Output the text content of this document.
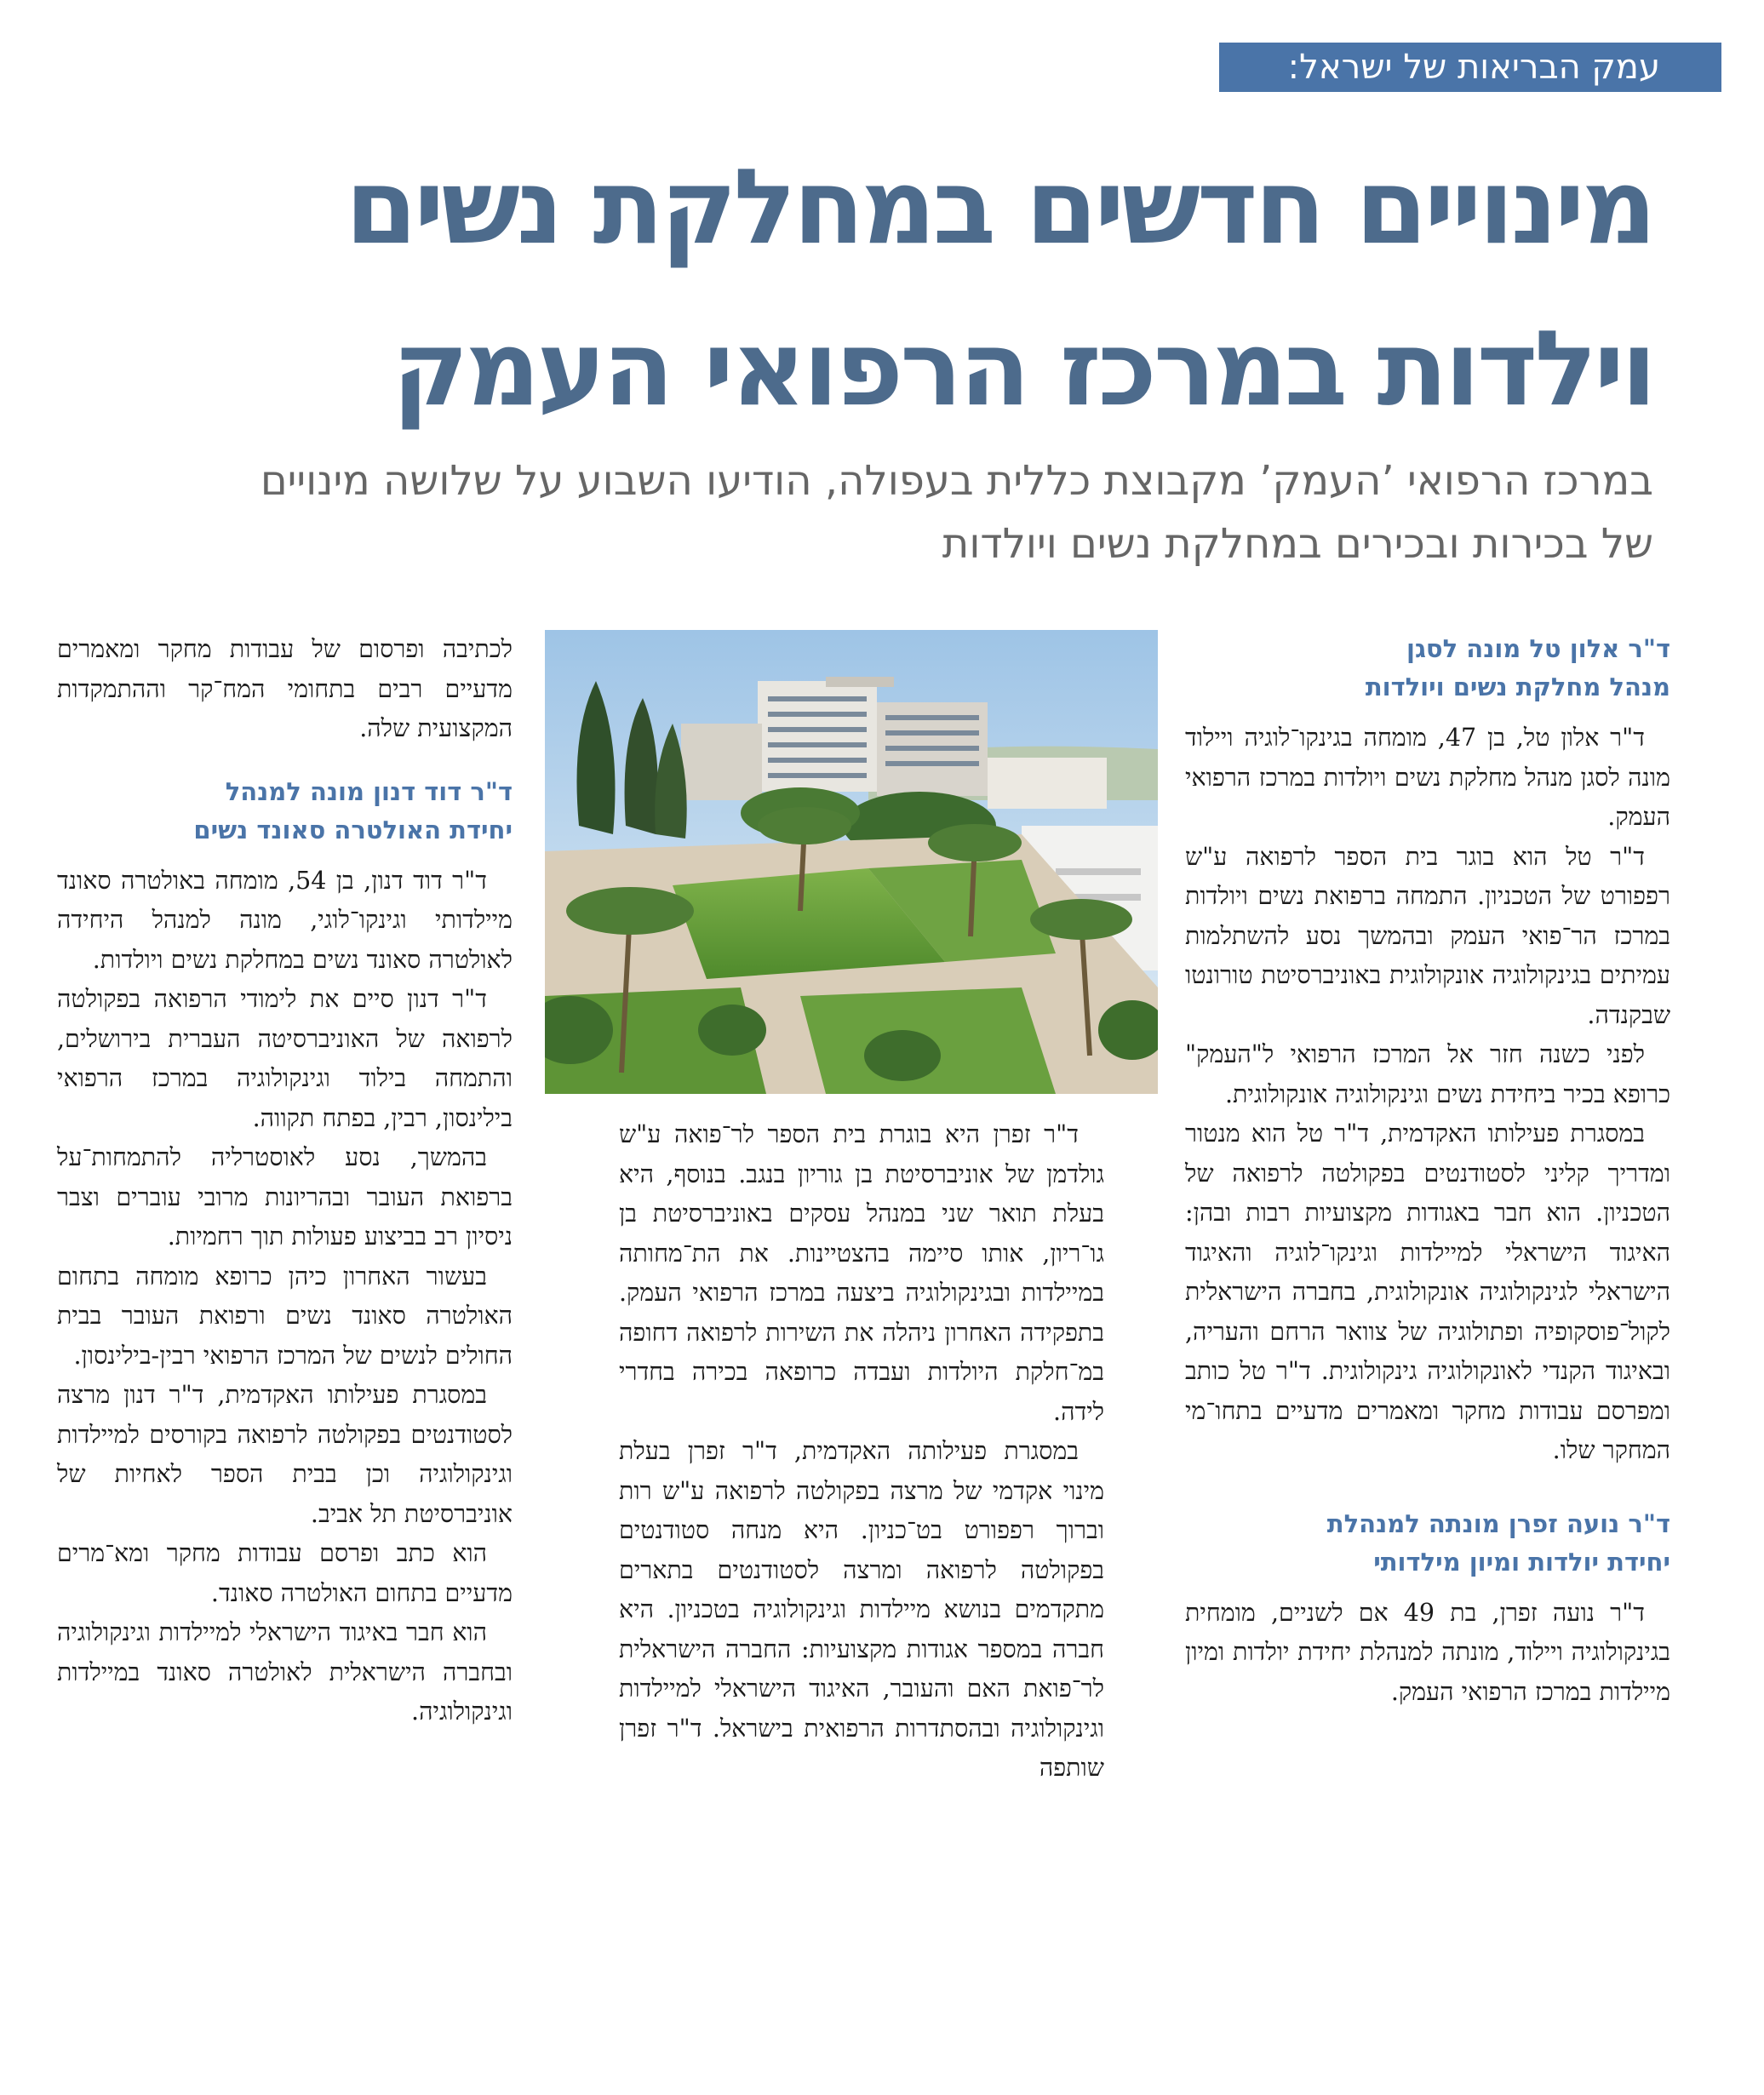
עמק הבריאות של ישראל:
מינויים חדשים במחלקת נשים
וילדות במרכז הרפואי העמק

במרכז הרפואי ’העמק’ מקבוצת כללית בעפולה, הודיעו השבוע על שלושה מינויים
של בכירות ובכירים במחלקת נשים ויולדות

ד"ר אלון טל מונה לסגן
מנהל מחלקת נשים ויולדות

ד"ר אלון טל, בן 47, מומחה בגינקו־לוגיה ויילוד מונה לסגן מנהל מחלקת נשים ויולדות במרכז הרפואי העמק.

ד"ר טל הוא בוגר בית הספר לרפואה ע"ש רפפורט של הטכניון. התמחה ברפואת נשים ויולדות במרכז הר־פואי העמק ובהמשך נסע להשתלמות עמיתים בגינקולוגיה אונקולוגית באוניברסיטת טורונטו שבקנדה.

לפני כשנה חזר אל המרכז הרפואי ל"העמק" כרופא בכיר ביחידת נשים וגינקולוגיה אונקולוגית.

במסגרת פעילותו האקדמית, ד"ר טל הוא מנטור ומדריך קליני לסטודנטים בפקולטה לרפואה של הטכניון. הוא חבר באגודות מקצועיות רבות ובהן: האיגוד הישראלי למיילדות וגינקו־לוגיה והאיגוד הישראלי לגינקולוגיה אונקולוגית, בחברה הישראלית לקול־פוסקופיה ופתולוגיה של צוואר הרחם והעריה, ובאיגוד הקנדי לאונקולוגיה גינקולוגית. ד"ר טל כותב ומפרסם עבודות מחקר ומאמרים מדעיים בתחו־מי המחקר שלו.

ד"ר נועה זפרן מונתה למנהלת
יחידת יולדות ומיון מילדותי

ד"ר נועה זפרן, בת 49 אם לשניים, מומחית בגינקולוגיה ויילוד, מונתה למנהלת יחידת יולדות ומיון מיילדות במרכז הרפואי העמק.

ד"ר זפרן היא בוגרת בית הספר לר־פואה ע"ש גולדמן של אוניברסיטת בן גוריון בנגב. בנוסף, היא בעלת תואר שני במנהל עסקים באוניברסיטת בן גו־ריון, אותו סיימה בהצטיינות. את הת־מחותה במיילדות ובגינקולוגיה ביצעה במרכז הרפואי העמק. בתפקידה האחרון ניהלה את השירות לרפואה דחופה במ־חלקת היולדות ועבדה כרופאה בכירה בחדרי לידה.

במסגרת פעילותה האקדמית, ד"ר זפרן בעלת מינוי אקדמי של מרצה בפקולטה לרפואה ע"ש רות וברוך רפפורט בט־כניון. היא מנחה סטודנטים בפקולטה לרפואה ומרצה לסטודנטים בתארים מתקדמים בנושא מיילדות וגינקולוגיה בטכניון. היא חברה במספר אגודות מקצועיות: החברה הישראלית לר־פואת האם והעובר, האיגוד הישראלי למיילדות וגינקולוגיה ובהסתדרות הרפואית בישראל. ד"ר זפרן שותפה

לכתיבה ופרסום של עבודות מחקר ומאמרים מדעיים רבים בתחומי המח־קר וההתמקדות המקצועית שלה.

ד"ר דוד דנון מונה למנהל
יחידת האולטרה סאונד נשים

ד"ר דוד דנון, בן 54, מומחה באולטרה סאונד מיילדותי וגינקו־לוגי, מונה למנהל היחידה לאולטרה סאונד נשים במחלקת נשים ויולדות.

ד"ר דנון סיים את לימודי הרפואה בפקולטה לרפואה של האוניברסיטה העברית בירושלים, והתמחה בילוד וגינקולוגיה במרכז הרפואי בילינסון, רבין, בפתח תקווה.

בהמשך, נסע לאוסטרליה להתמחות־על ברפואת העובר ובהריונות מרובי עוברים וצבר ניסיון רב בביצוע פעולות תוך רחמיות.

בעשור האחרון כיהן כרופא מומחה בתחום האולטרה סאונד נשים ורפואת העובר בבית החולים לנשים של המרכז הרפואי רבין-בילינסון.

במסגרת פעילותו האקדמית, ד"ר דנון מרצה לסטודנטים בפקולטה לרפואה בקורסים למיילדות וגינקולוגיה וכן בבית הספר לאחיות של אוניברסיטת תל אביב.

הוא כתב ופרסם עבודות מחקר ומא־מרים מדעיים בתחום האולטרה סאונד.

הוא חבר באיגוד הישראלי למיילדות וגינקולוגיה ובחברה הישראלית לאולטרה סאונד במיילדות וגינקולוגיה.
